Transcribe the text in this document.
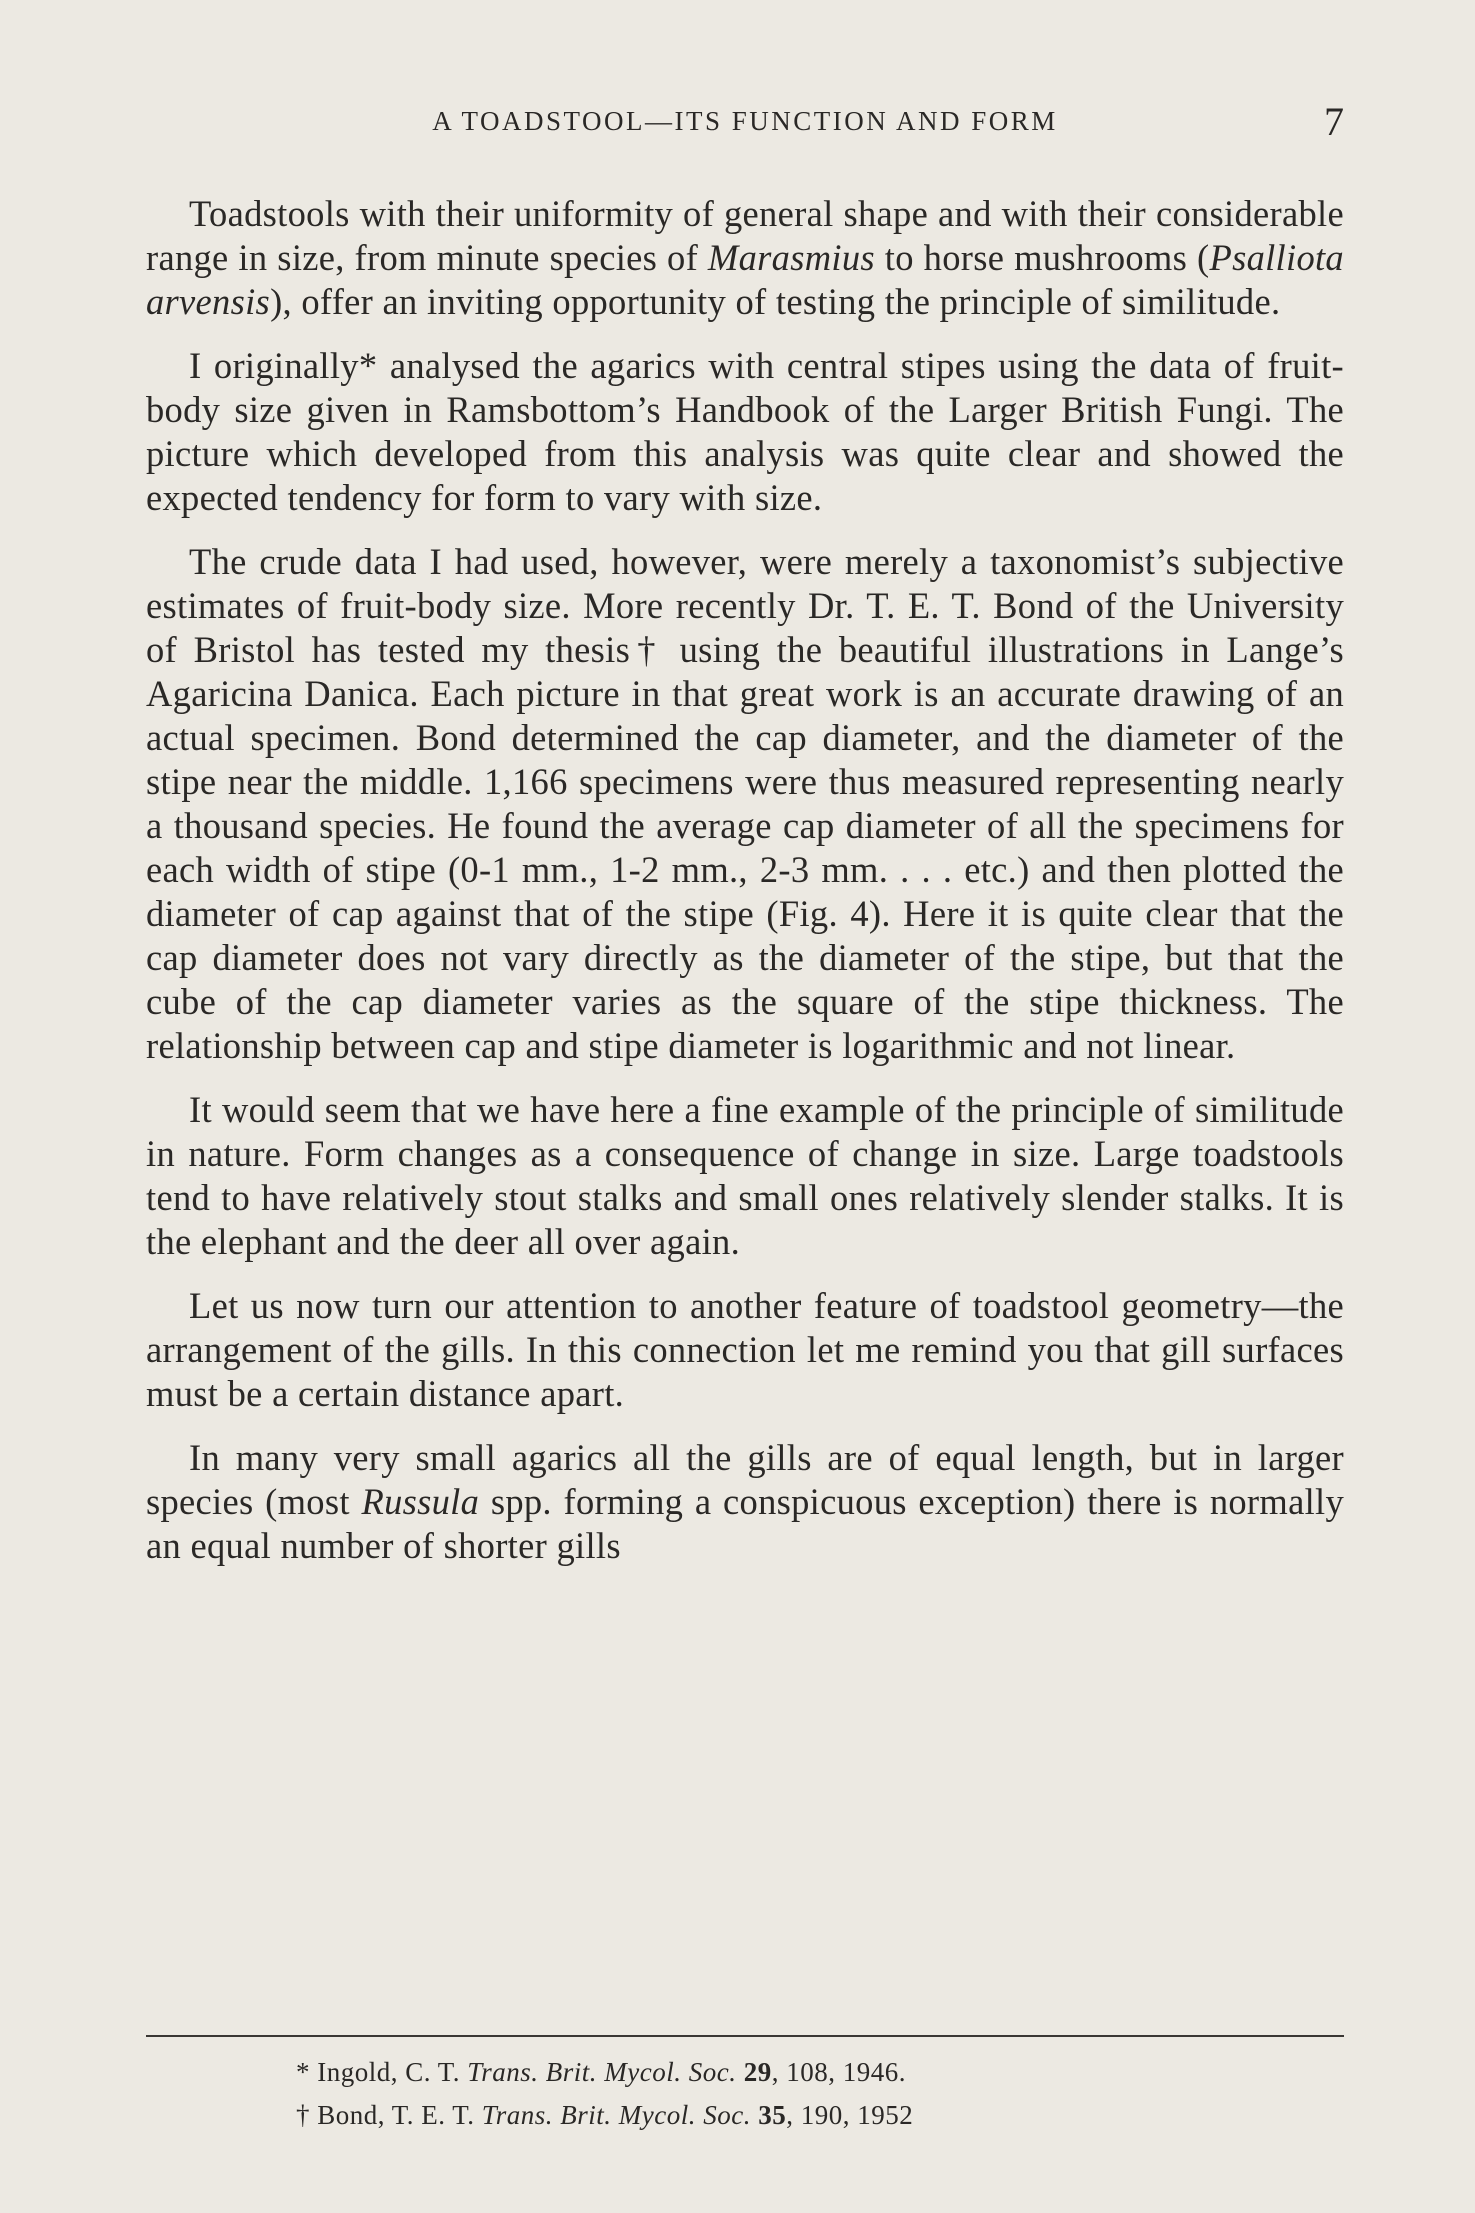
A TOADSTOOL—ITS FUNCTION AND FORM	7

Toadstools with their uniformity of general shape and with their considerable range in size, from minute species of Marasmius to horse mushrooms (Psalliota arvensis), offer an inviting opportunity of testing the principle of similitude.

I originally* analysed the agarics with central stipes using the data of fruit-body size given in Ramsbottom’s Handbook of the Larger British Fungi. The picture which developed from this analysis was quite clear and showed the expected tendency for form to vary with size.

The crude data I had used, however, were merely a taxonomist’s subjective estimates of fruit-body size. More recently Dr. T. E. T. Bond of the University of Bristol has tested my thesis† using the beautiful illustrations in Lange’s Agaricina Danica. Each picture in that great work is an accurate drawing of an actual specimen. Bond determined the cap diameter, and the diameter of the stipe near the middle. 1,166 specimens were thus measured representing nearly a thousand species. He found the average cap diameter of all the specimens for each width of stipe (0-1 mm., 1-2 mm., 2-3 mm. . . . etc.) and then plotted the diameter of cap against that of the stipe (Fig. 4). Here it is quite clear that the cap diameter does not vary directly as the diameter of the stipe, but that the cube of the cap diameter varies as the square of the stipe thickness. The relationship between cap and stipe diameter is logarithmic and not linear.

It would seem that we have here a fine example of the principle of similitude in nature. Form changes as a consequence of change in size. Large toadstools tend to have relatively stout stalks and small ones relatively slender stalks. It is the elephant and the deer all over again.

Let us now turn our attention to another feature of toadstool geometry—the arrangement of the gills. In this connection let me remind you that gill surfaces must be a certain distance apart.

In many very small agarics all the gills are of equal length, but in larger species (most Russula spp. forming a conspicuous exception) there is normally an equal number of shorter gills

* Ingold, C. T. Trans. Brit. Mycol. Soc. 29, 108, 1946.
† Bond, T. E. T. Trans. Brit. Mycol. Soc. 35, 190, 1952
